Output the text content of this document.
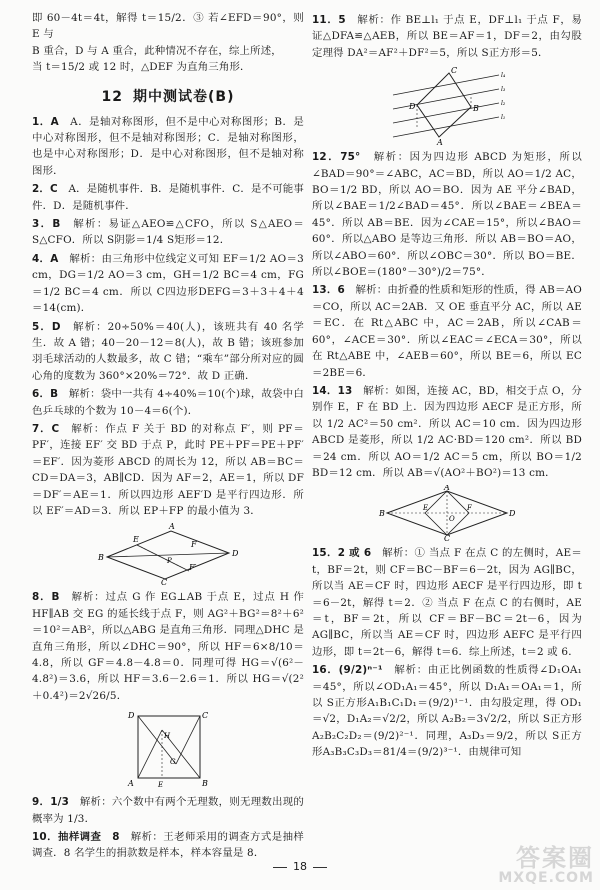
即 60－4t＝4t，解得 t＝15/2．③ 若∠EFD＝90°，则 E 与

B 重合，D 与 A 重合，此种情况不存在，综上所述，

当 t＝15/2 或 12 时，△DEF 为直角三角形．

12 期中测试卷(B)

1．A　 A．是轴对称图形，但不是中心对称图形；B．是中心对称图形，但不是轴对称图形；C．是轴对称图形，也是中心对称图形；D．是中心对称图形，但不是轴对称图形．

2．C　 A．是随机事件．B．是随机事件．C．是不可能事件．D．是随机事件．

3．B　 解析：易证△AEO≌△CFO，所以 S△AEO＝S△CFO．所以 S阴影＝1/4 S矩形＝12．

4．A　 解析：由三角形中位线定义可知 EF＝1/2 AO＝3 cm，DG＝1/2 AO＝3 cm，GH＝1/2 BC＝4 cm，FG＝1/2 BC＝4 cm．所以 C四边形DEFG＝3＋3＋4＋4＝14(cm)．

5．D　 解析：20÷50%＝40(人)，该班共有 40 名学生．故 A 错；40－20－12＝8(人)，故 B 错；该班参加羽毛球活动的人数最多，故 C 错；“乘车”部分所对应的圆心角的度数为 360°×20%＝72°．故 D 正确．

6．B　 解析：袋中一共有 4÷40%＝10(个)球，故袋中白色乒乓球的个数为 10－4＝6(个)．

7．C　 解析：作点 F 关于 BD 的对称点 F′，则 PF＝PF′，连接 EF′ 交 BD 于点 P，此时 PE＋PF＝PE＋PF′＝EF′．因为菱形 ABCD 的周长为 12，所以 AB＝BC＝CD＝DA＝3，AB∥CD．因为 AF＝2，AE＝1，所以 DF＝DF′＝AE＝1．所以四边形 AEF′D 是平行四边形．所以 EF′＝AD＝3．所以 EP＋FP 的最小值为 3．

B
A
D
C
E
F
F′
P

8．B　 解析：过点 G 作 EG⊥AB 于点 E，过点 H 作 HF∥AB 交 EG 的延长线于点 F，则 AG²＋BG²＝8²＋6²＝10²＝AB²，所以△ABG 是直角三角形．同理△DHC 是直角三角形，所以∠DHC＝90°，所以 HF＝6×8/10＝4.8，所以 GF＝4.8－4.8＝0．同理可得 HG＝√(6²－4.8²)＝3.6，所以 HF＝3.6－2.6＝1．所以 HG＝√(2²＋0.4²)＝2√26/5．

D	C
A	B
H
G
E

9．1/3　 解析：六个数中有两个无理数，则无理数出现的概率为 1/3．

10．抽样调查　8　 解析：王老师采用的调查方式是抽样调查．8 名学生的捐款数是样本，样本容量是 8．

11．5　 解析：作 BE⊥l₁ 于点 E，DF⊥l₁ 于点 F，易证△DFA≌△AEB，所以 BE＝AF＝1，DF＝2，由勾股定理得 DA²＝AF²＋DF²＝5，所以 S正方形＝5．

D
C
B
A
l₄
l₃
l₂
l₁

12．75°　 解析：因为四边形 ABCD 为矩形，所以∠BAD＝90°＝∠ABC，AC＝BD，所以 AO＝1/2 AC，BO＝1/2 BD，所以 AO＝BO．因为 AE 平分∠BAD，所以∠BAE＝1/2∠BAD＝45°．所以∠BAE＝∠BEA＝45°．所以 AB＝BE．因为∠CAE＝15°，所以∠BAO＝60°．所以△ABO 是等边三角形．所以 AB＝BO＝AO，所以∠ABO＝60°．所以∠OBC＝30°．所以 BO＝BE．所以∠BOE＝(180°－30°)/2＝75°．

13．6　 解析：由折叠的性质和矩形的性质，得 AB＝AO＝CO，所以 AC＝2AB．又 OE 垂直平分 AC，所以 AE＝EC．在 Rt△ABC 中，AC＝2AB，所以∠CAB＝60°，∠ACE＝30°．所以∠EAC＝∠ECA＝30°，所以在 Rt△ABE 中，∠AEB＝60°，所以 BE＝6，所以 EC＝2BE＝6．

14．13　 解析：如图，连接 AC，BD，相交于点 O，分别作 E，F 在 BD 上．因为四边形 AECF 是正方形，所以 1/2 AC²＝50 cm²．所以 AC＝10 cm．因为四边形 ABCD 是菱形，所以 1/2 AC·BD＝120 cm²．所以 BD＝24 cm．所以 AO＝1/2 AC＝5 cm，所以 BO＝1/2 BD＝12 cm．所以 AB＝√(AO²＋BO²)＝13 cm．

B
A
D
C
E	F
O

15．2 或 6　 解析：① 当点 F 在点 C 的左侧时，AE＝t，BF＝2t，则 CF＝BC－BF＝6－2t，因为 AG∥BC，所以当 AE＝CF 时，四边形 AECF 是平行四边形，即 t＝6－2t，解得 t＝2．② 当点 F 在点 C 的右侧时，AE＝t，BF＝2t，所以 CF＝BF－BC＝2t－6，因为 AG∥BC，所以当 AE＝CF 时，四边形 AEFC 是平行四边形，即 t＝2t－6，解得 t＝6．综上所述，t＝2 或 6．

16．(9/2)ⁿ⁻¹　 解析：由正比例函数的性质得∠D₁OA₁＝45°，所以∠OD₁A₁＝45°，所以 D₁A₁＝OA₁＝1，所以 S正方形A₁B₁C₁D₁＝(9/2)¹⁻¹．由勾股定理，得 OD₁＝√2，D₁A₂＝√2/2，所以 A₂B₂＝3√2/2，所以 S正方形A₂B₂C₂D₂＝(9/2)²⁻¹．同理，A₃D₃＝9/2，所以 S正方形A₃B₃C₃D₃＝81/4＝(9/2)³⁻¹．由规律可知

18	答案圈
MXQE.COM
